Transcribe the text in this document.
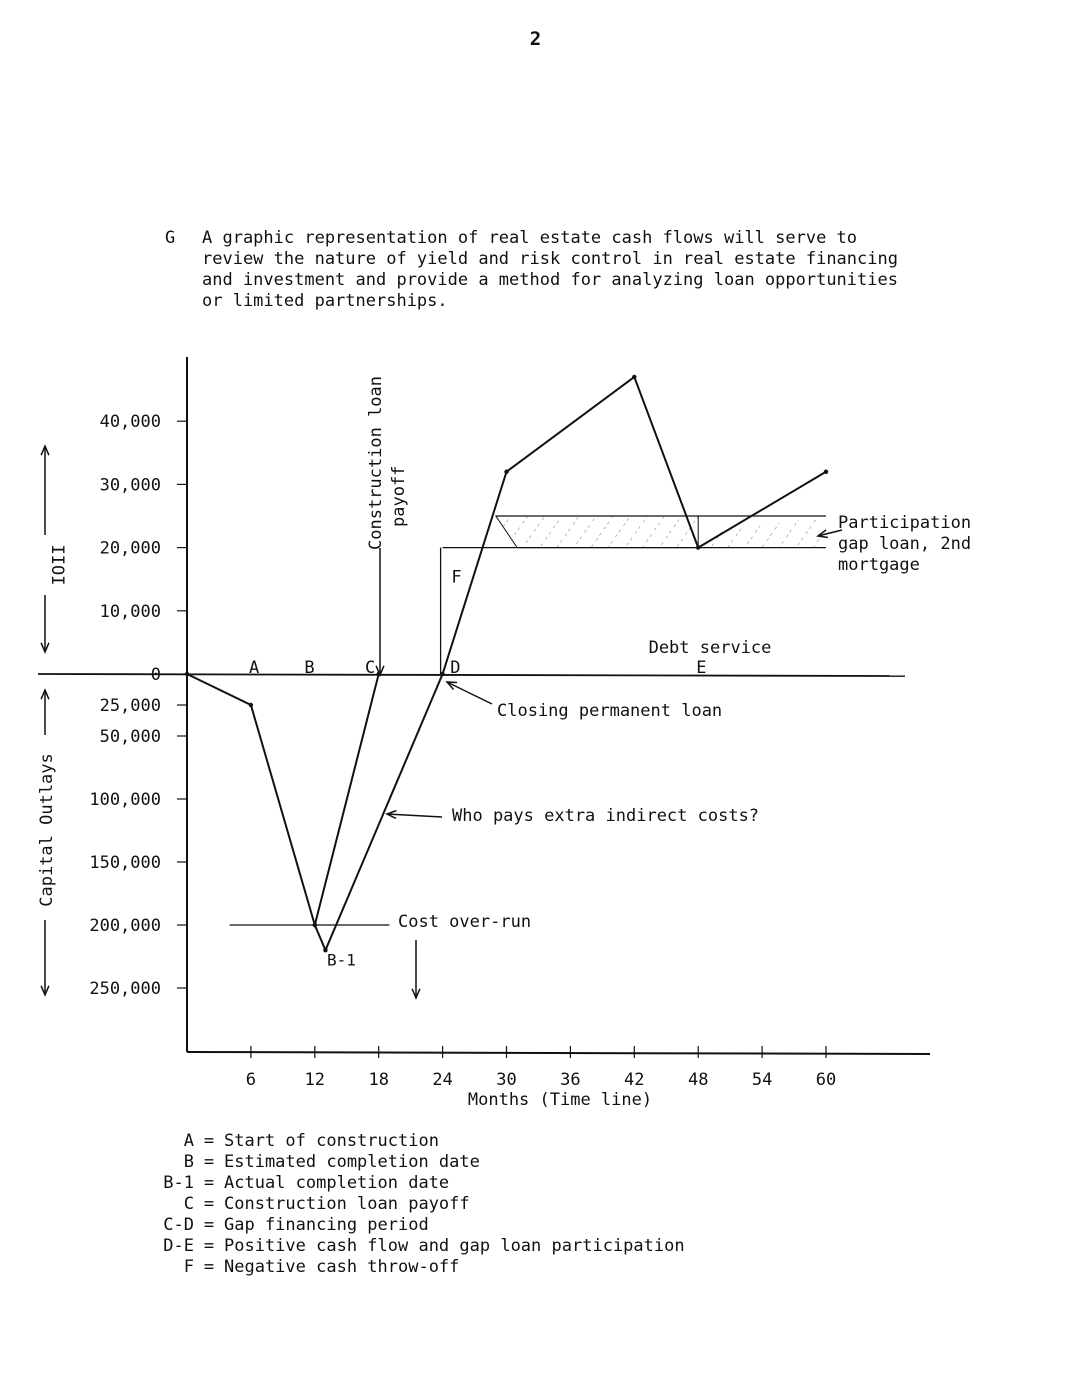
2
G A graphic representation of real estate cash flows will serve to
review the nature of yield and risk control in real estate financing
and investment and provide a method for analyzing loan opportunities
or limited partnerships.
6	12	18	24	30	36	42	48	54	60
Months (Time line)
40,000
30,000
20,000
10,000
0
25,000
50,000
100,000
150,000
200,000
250,000
IIOI
Capital Outlays
A	B	C	D	E
F
B-1
Construction loan payoff	Participation
gap loan, 2nd
mortgage
Debt service
Closing permanent loan
Who pays extra indirect costs?
Cost over-run
A = Start of construction
B = Estimated completion date
B-1 = Actual completion date
C = Construction loan payoff
C-D = Gap financing period
D-E = Positive cash flow and gap loan participation
F = Negative cash throw-off
